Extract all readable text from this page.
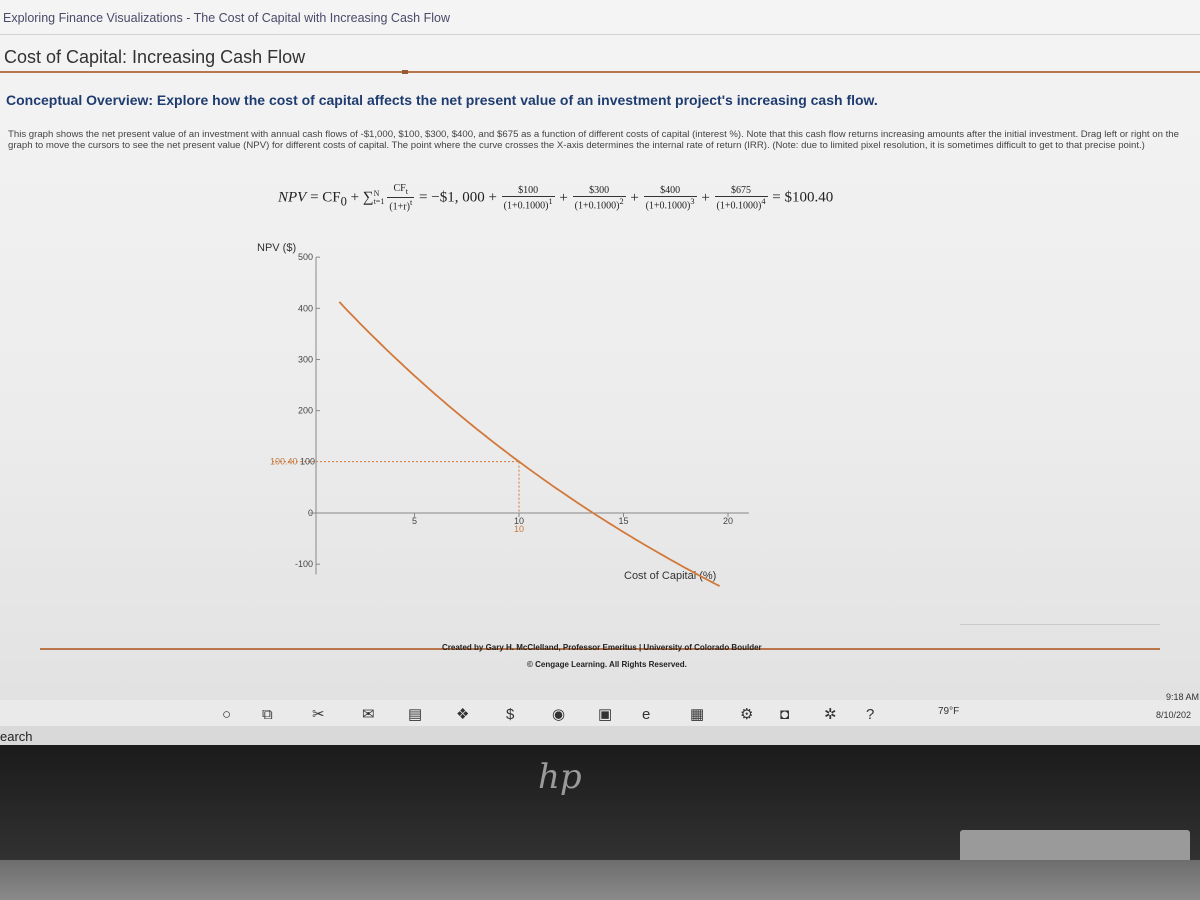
Exploring Finance Visualizations - The Cost of Capital with Increasing Cash Flow
Cost of Capital: Increasing Cash Flow
Conceptual Overview: Explore how the cost of capital affects the net present value of an investment project's increasing cash flow.
This graph shows the net present value of an investment with annual cash flows of -$1,000, $100, $300, $400, and $675 as a function of different costs of capital (interest %). Note that this cash flow returns increasing amounts after the initial investment. Drag left or right on the graph to move the cursors to see the net present value (NPV) for different costs of capital. The point where the curve crosses the X-axis determines the internal rate of return (IRR). (Note: due to limited pixel resolution, it is sometimes difficult to get to that precise point.)
NPV = $CF_0$ + ∑ N
$t=1 \frac{CF_t}{(1+r)^t}$ = −$1, $000 + \frac{\$100}{(1+0.1000)^1} + \frac{\$300}{(1+0.1000)^2} + \frac{\$400}{(1+0.1000)^3} + \frac{\$675}{(1+0.1000)^4}$ = $100.40
NPV ($)
Cost of Capital (%)
500
400
300
200
0
-100
5	10	15	20
100.40 100
10
Created by Gary H. McClelland, Professor Emeritus | University of Colorado Boulder
© Cengage Learning. All Rights Reserved.
○ ⧉	✂ ✉ ▤ ❖ $	◉ ▣ e	▦ ⚙ ◘ ✲ ?	79°F
9:18 AM
8/10/202
earch
hp
